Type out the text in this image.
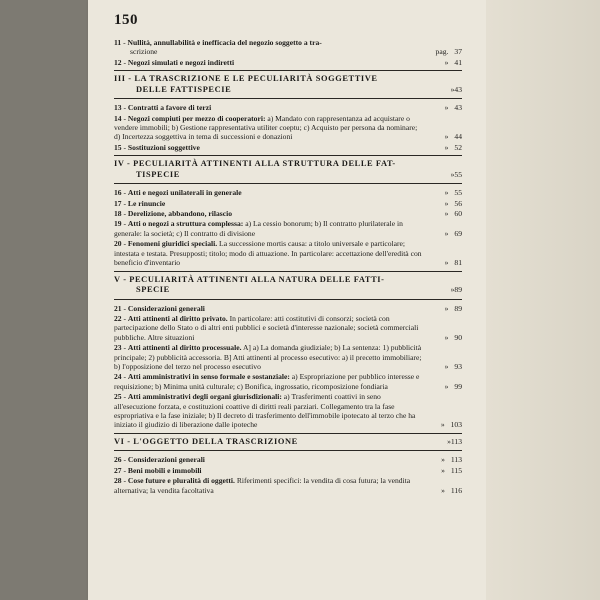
150
11 - Nullità, annullabilità e inefficacia del negozio soggetto a tra-
scrizione	pag. 37
12 - Negozi simulati e negozi indiretti	» 41
III - LA TRASCRIZIONE E LE PECULIARITÀ SOGGETTIVE
DELLE FATTISPECIE	»43
13 - Contratti a favore di terzi	» 43
14 - Negozi compiuti per mezzo di cooperatori: a) Mandato con rappresentanza ad acquistare o vendere immobili; b) Gestione rappresentativa utiliter coeptu; c) Acquisto per persona da nominare; d) Incertezza soggettiva in tema di successioni e donazioni	» 44
15 - Sostituzioni soggettive	» 52
IV - PECULIARITÀ ATTINENTI ALLA STRUTTURA DELLE FAT-
TISPECIE	»55
16 - Atti e negozi unilaterali in generale	» 55
17 - Le rinuncie	» 56
18 - Derelizione, abbandono, rilascio	» 60
19 - Atti o negozi a struttura complessa: a) La cessio bonorum; b) Il contratto plurilaterale in generale: la società; c) Il contratto di divisione	» 69
20 - Fenomeni giuridici speciali. La successione mortis causa: a titolo universale e particolare; intestata e testata. Presupposti; titolo; modo di attuazione. In particolare: accettazione dell'eredità con beneficio d'inventario	» 81
V - PECULIARITÀ ATTINENTI ALLA NATURA DELLE FATTI-
SPECIE	»89
21 - Considerazioni generali	» 89
22 - Atti attinenti al diritto privato. In particolare: atti costitutivi di consorzi; società con partecipazione dello Stato o di altri enti pubblici e società d'interesse nazionale; società commerciali pubbliche. Altre situazioni	» 90
23 - Atti attinenti al diritto processuale. A] a) La domanda giudiziale; b) La sentenza: 1) pubblicità principale; 2) pubblicità accessoria. B] Atti attinenti al processo esecutivo: a) il precetto immobiliare; b) l'opposizione del terzo nel processo esecutivo	» 93
24 - Atti amministrativi in senso formale e sostanziale: a) Espropriazione per pubblico interesse e requisizione; b) Minima unità culturale; c) Bonifica, ingrossatio, ricomposizione fondiaria	» 99
25 - Atti amministrativi degli organi giurisdizionali: a) Trasferimenti coattivi in seno all'esecuzione forzata, e costituzioni coattive di diritti reali parziari. Collegamento tra la fase espropriativa e la fase iniziale; b) Il decreto di trasferimento dell'immobile ipotecato al terzo che ha iniziato il giudizio di liberazione dalle ipoteche	» 103
VI - L'OGGETTO DELLA TRASCRIZIONE	»113
26 - Considerazioni generali	» 113
27 - Beni mobili e immobili	» 115
28 - Cose future e pluralità di oggetti. Riferimenti specifici: la vendita di cosa futura; la vendita alternativa; la vendita facoltativa	» 116
